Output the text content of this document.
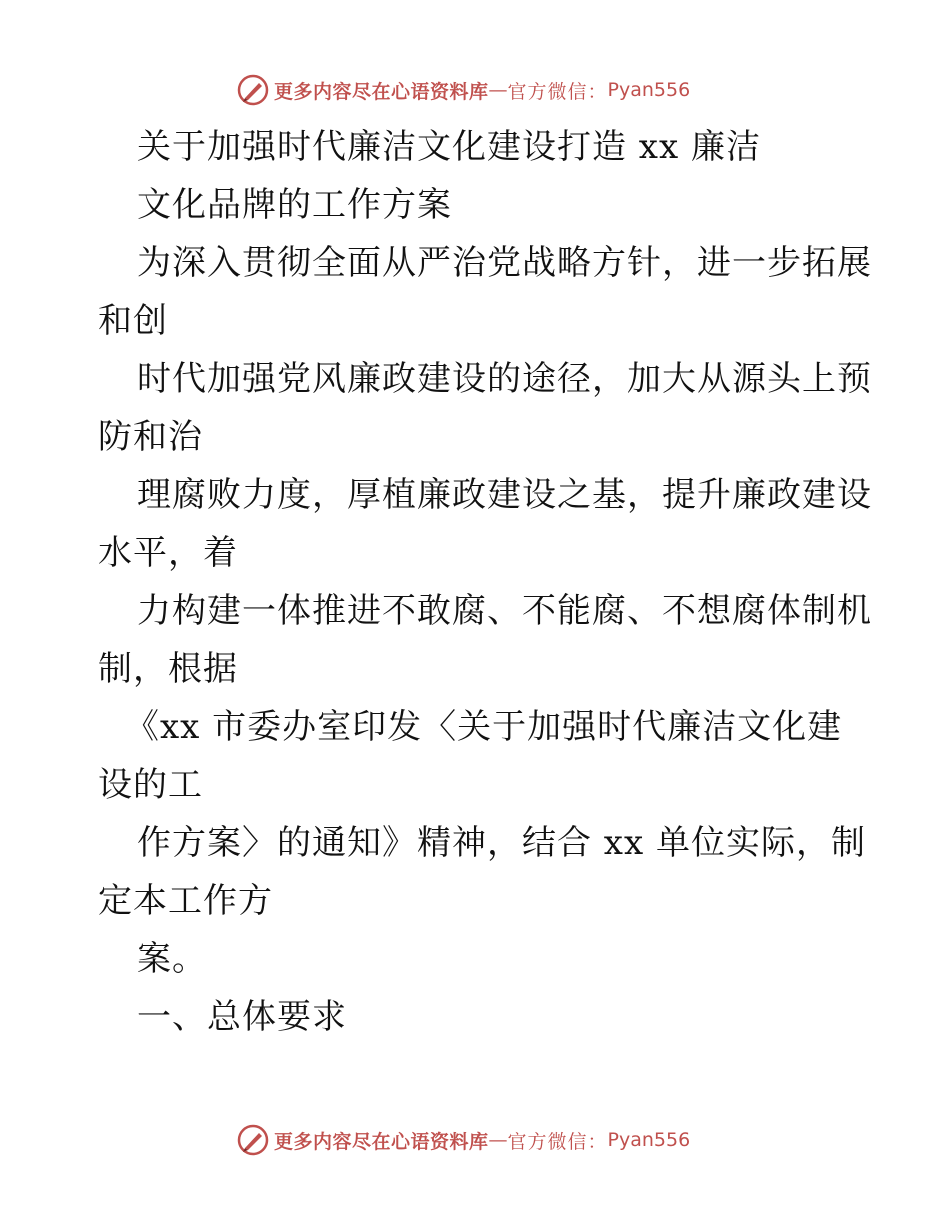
更多内容尽在心语资料库 — 官方微信： Pyan556
关于加强时代廉洁文化建设打造 xx 廉洁
文化品牌的工作方案
为深入贯彻全面从严治党战略方针，进一步拓展
和创
时代加强党风廉政建设的途径，加大从源头上预
防和治
理腐败力度，厚植廉政建设之基，提升廉政建设
水平，着
力构建一体推进不敢腐、不能腐、不想腐体制机
制，根据
《xx 市委办室印发〈关于加强时代廉洁文化建
设的工
作方案〉的通知》精神，结合 xx 单位实际，制
定本工作方
案。
一、总体要求
更多内容尽在心语资料库 — 官方微信： Pyan556
